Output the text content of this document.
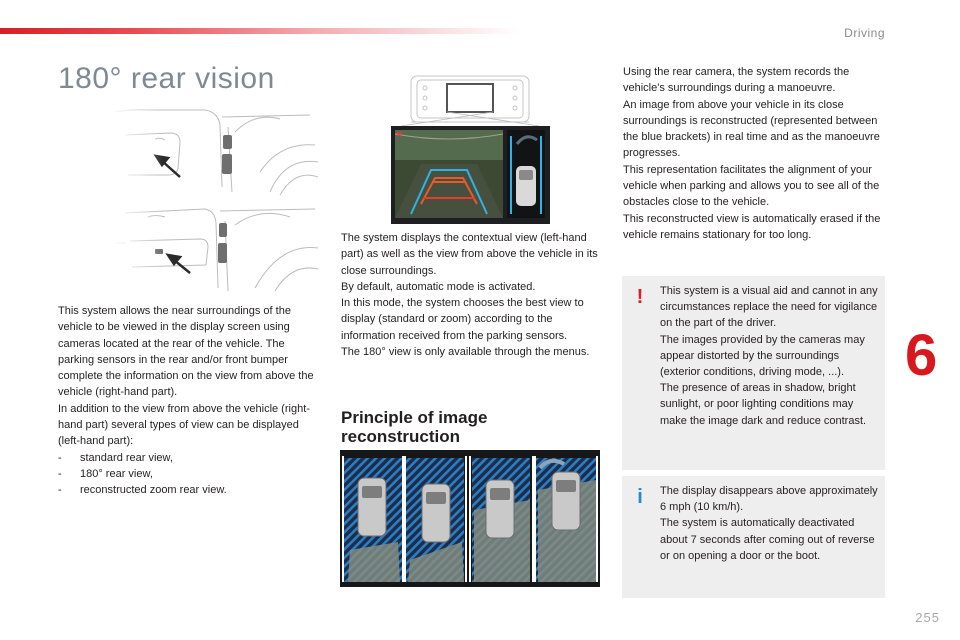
Driving
6
255
180° rear vision

This system allows the near surroundings of the vehicle to be viewed in the display screen using cameras located at the rear of the vehicle. The parking sensors in the rear and/or front bumper complete the information on the view from above the vehicle (right-hand part).

In addition to the view from above the vehicle (right-hand part) several types of view can be displayed (left-hand part):

-	standard rear view,
-	180° rear view,
-	reconstructed zoom rear view.

The system displays the contextual view (left-hand part) as well as the view from above the vehicle in its close surroundings.

By default, automatic mode is activated.

In this mode, the system chooses the best view to display (standard or zoom) according to the information received from the parking sensors.

The 180° view is only available through the menus.

Principle of image reconstruction

Using the rear camera, the system records the vehicle's surroundings during a manoeuvre.

An image from above your vehicle in its close surroundings is reconstructed (represented between the blue brackets) in real time and as the manoeuvre progresses.

This representation facilitates the alignment of your vehicle when parking and allows you to see all of the obstacles close to the vehicle.

This reconstructed view is automatically erased if the vehicle remains stationary for too long.

! This system is a visual aid and cannot in any circumstances replace the need for vigilance on the part of the driver.

The images provided by the cameras may appear distorted by the surroundings (exterior conditions, driving mode, ...).

The presence of areas in shadow, bright sunlight, or poor lighting conditions may make the image dark and reduce contrast.

i The display disappears above approximately 6 mph (10 km/h).

The system is automatically deactivated about 7 seconds after coming out of reverse or on opening a door or the boot.
